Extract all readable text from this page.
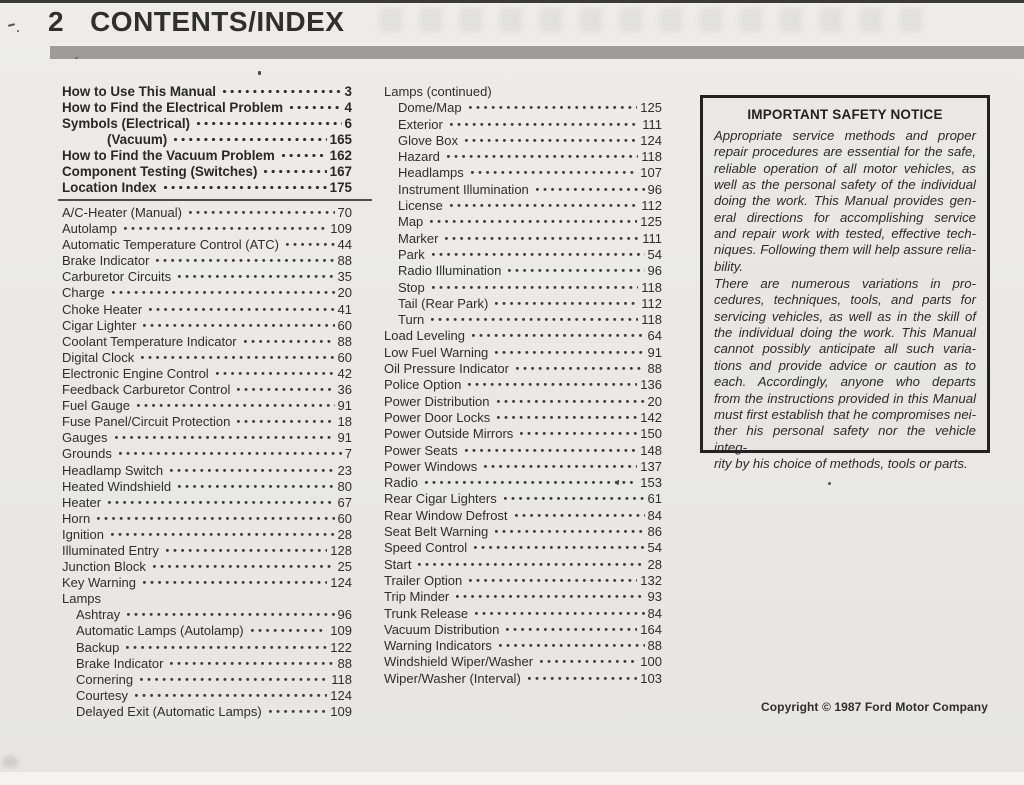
2 CONTENTS/INDEX
How to Use This Manual	3
How to Find the Electrical Problem	4
Symbols (Electrical)	6
(Vacuum)	165
How to Find the Vacuum Problem	162
Component Testing (Switches)	167
Location Index	175
A/C-Heater (Manual)	70
Autolamp	109
Automatic Temperature Control (ATC)	44
Brake Indicator	88
Carburetor Circuits	35
Charge	20
Choke Heater	41
Cigar Lighter	60
Coolant Temperature Indicator	88
Digital Clock	60
Electronic Engine Control	42
Feedback Carburetor Control	36
Fuel Gauge	91
Fuse Panel/Circuit Protection	18
Gauges	91
Grounds	7
Headlamp Switch	23
Heated Windshield	80
Heater	67
Horn	60
Ignition	28
Illuminated Entry	128
Junction Block	25
Key Warning	124
Lamps
Ashtray	96
Automatic Lamps (Autolamp)	109
Backup	122
Brake Indicator	88
Cornering	118
Courtesy	124
Delayed Exit (Automatic Lamps)	109
Lamps (continued)
Dome/Map	125
Exterior	111
Glove Box	124
Hazard	118
Headlamps	107
Instrument Illumination	96
License	112
Map	125
Marker	111
Park	54
Radio Illumination	96
Stop	118
Tail (Rear Park)	112
Turn	118
Load Leveling	64
Low Fuel Warning	91
Oil Pressure Indicator	88
Police Option	136
Power Distribution	20
Power Door Locks	142
Power Outside Mirrors	150
Power Seats	148
Power Windows	137
Radio	153
Rear Cigar Lighters	61
Rear Window Defrost	84
Seat Belt Warning	86
Speed Control	54
Start	28
Trailer Option	132
Trip Minder	93
Trunk Release	84
Vacuum Distribution	164
Warning Indicators	88
Windshield Wiper/Washer	100
Wiper/Washer (Interval)	103
IMPORTANT SAFETY NOTICE
Appropriate service methods and proper
repair procedures are essential for the safe,
reliable operation of all motor vehicles, as
well as the personal safety of the individual
doing the work. This Manual provides gen-
eral directions for accomplishing service
and repair work with tested, effective tech-
niques. Following them will help assure relia-
bility.
There are numerous variations in pro-
cedures, techniques, tools, and parts for
servicing vehicles, as well as in the skill of
the individual doing the work. This Manual
cannot possibly anticipate all such varia-
tions and provide advice or caution as to
each. Accordingly, anyone who departs
from the instructions provided in this Manual
must first establish that he compromises nei-
ther his personal safety nor the vehicle integ-
rity by his choice of methods, tools or parts.
Copyright © 1987 Ford Motor Company
